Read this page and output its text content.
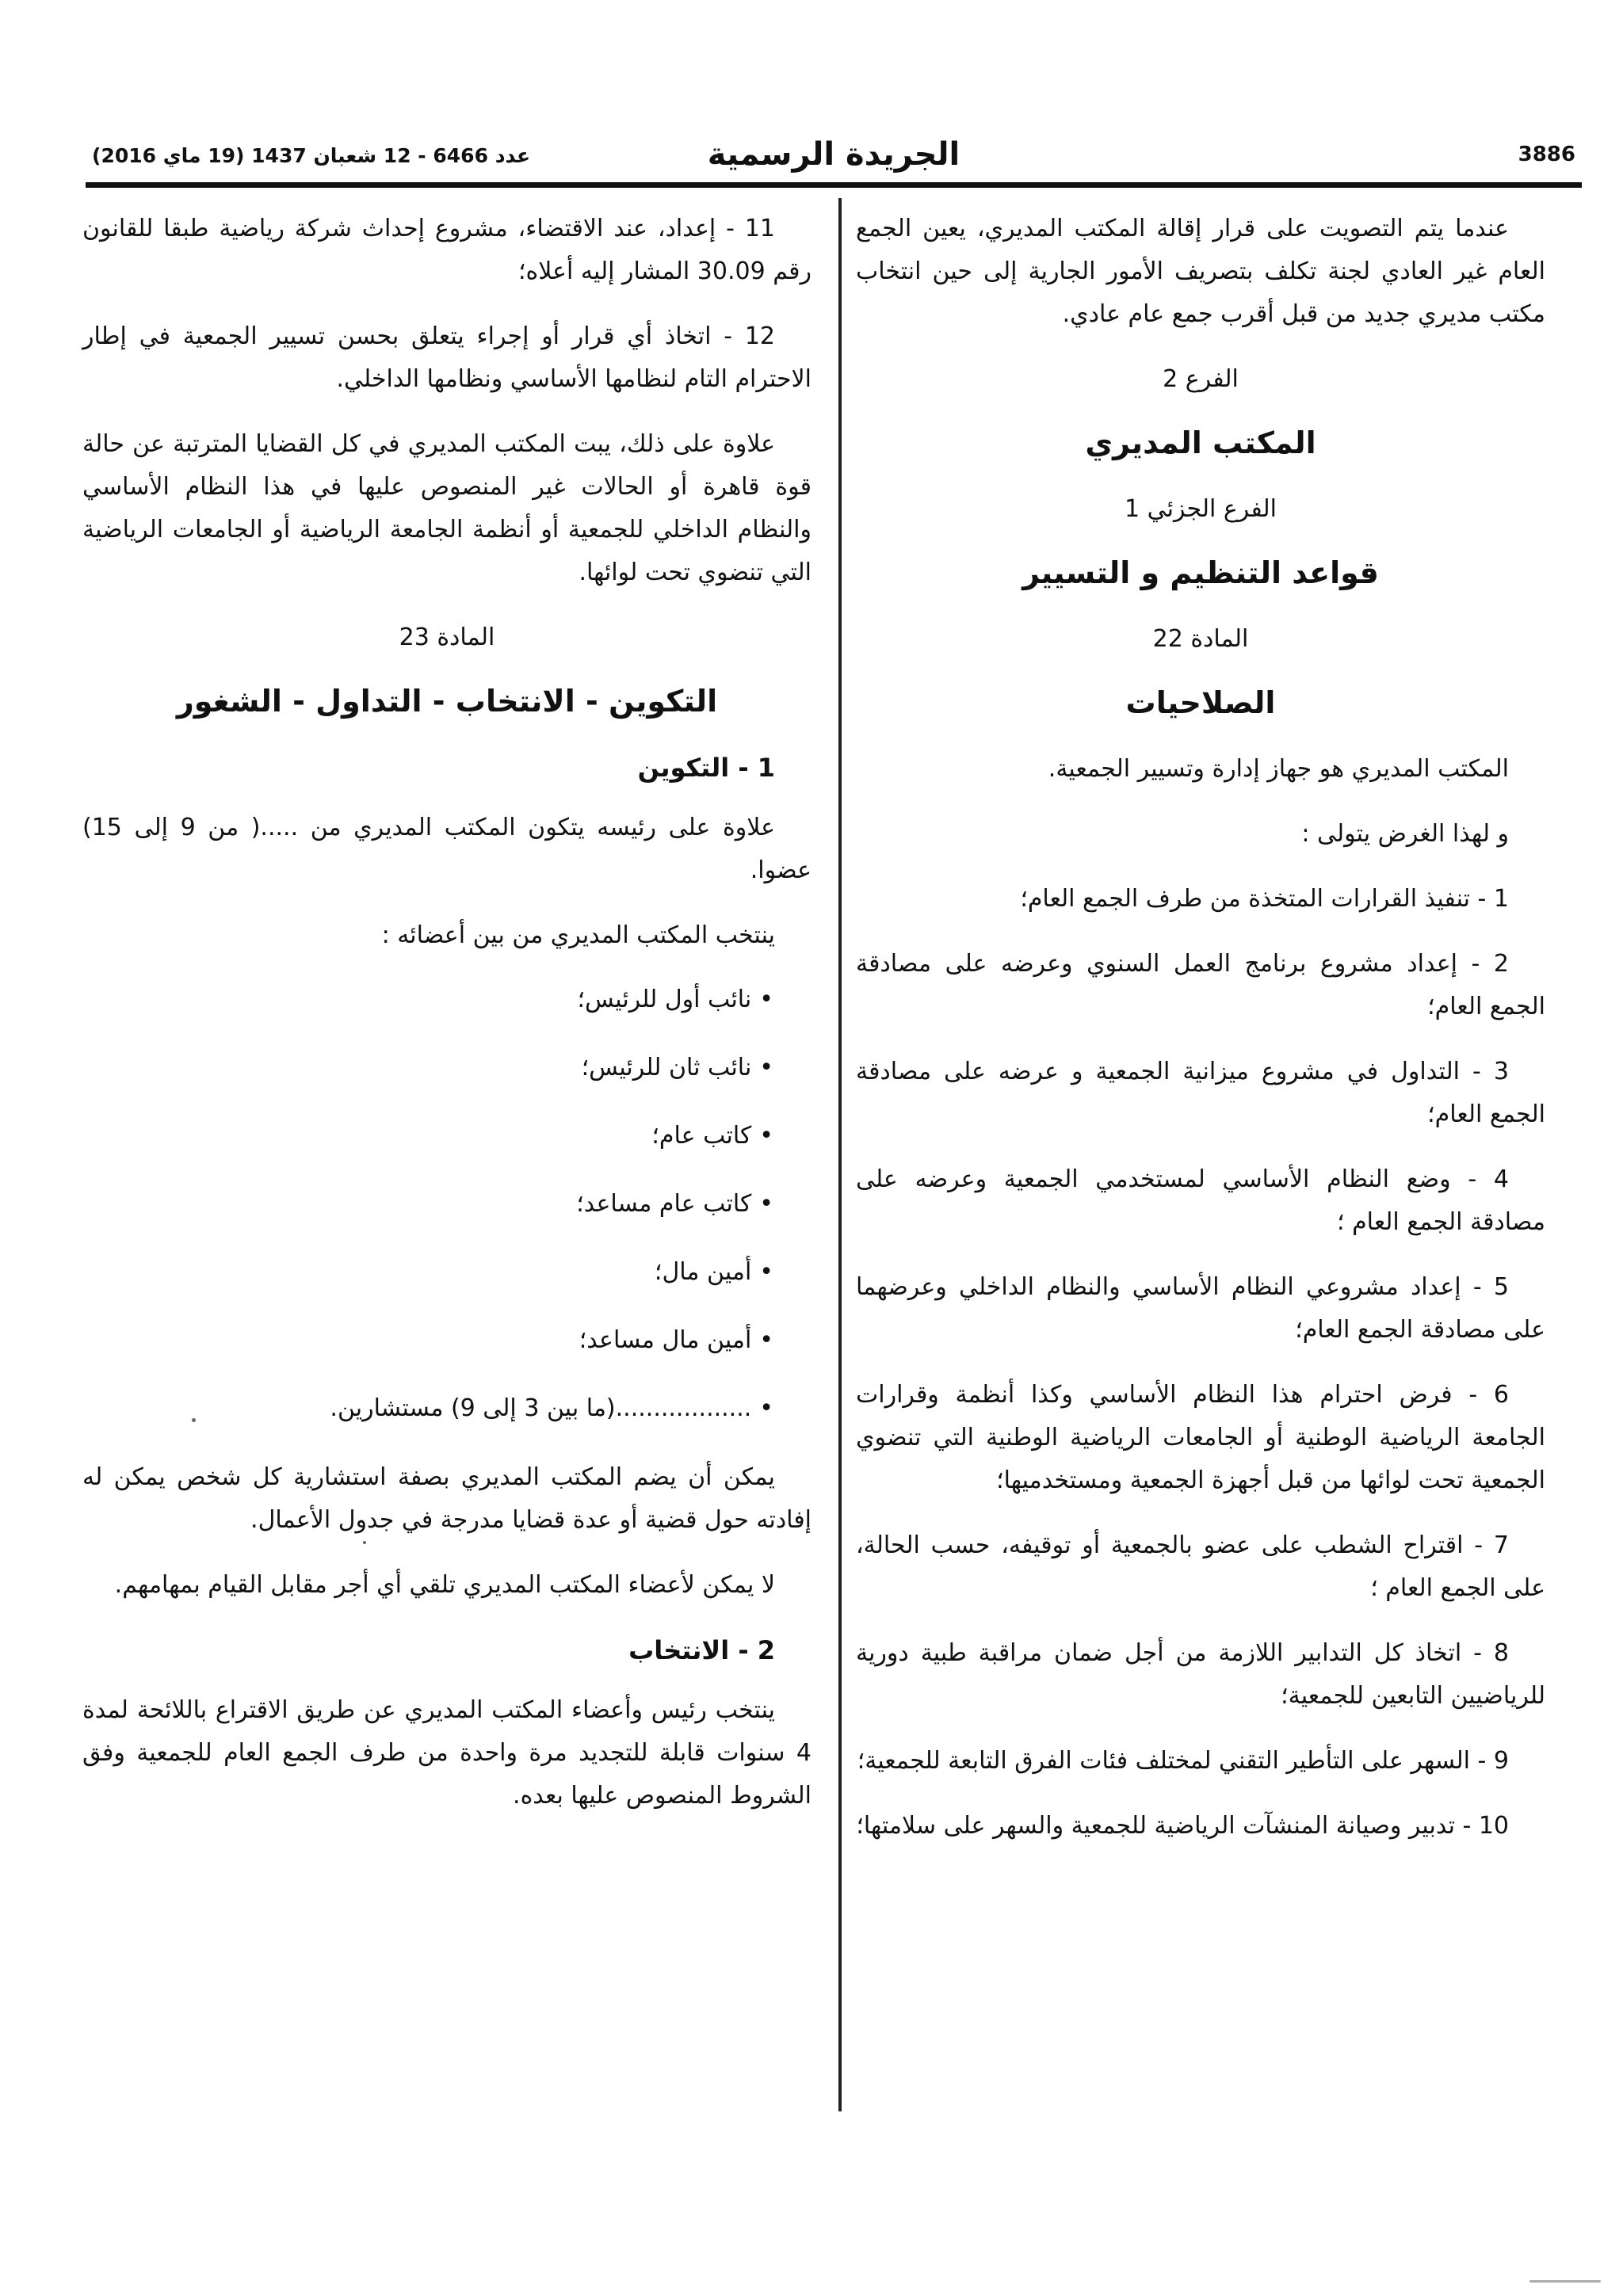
3886
الجريدة الرسمية
عدد 6466 - 12 شعبان 1437 (19 ماي 2016)

عندما يتم التصويت على قرار إقالة المكتب المديري، يعين الجمع العام غير العادي لجنة تكلف بتصريف الأمور الجارية إلى حين انتخاب مكتب مديري جديد من قبل أقرب جمع عام عادي.

الفرع 2

المكتب المديري

الفرع الجزئي 1

قواعد التنظيم و التسيير

المادة 22

الصلاحيات

المكتب المديري هو جهاز إدارة وتسيير الجمعية.

و لهذا الغرض يتولى :

1 - تنفيذ القرارات المتخذة من طرف الجمع العام؛

2 - إعداد مشروع برنامج العمل السنوي وعرضه على مصادقة الجمع العام؛

3 - التداول في مشروع ميزانية الجمعية و عرضه على مصادقة الجمع العام؛

4 - وضع النظام الأساسي لمستخدمي الجمعية وعرضه على مصادقة الجمع العام ؛

5 - إعداد مشروعي النظام الأساسي والنظام الداخلي وعرضهما على مصادقة الجمع العام؛

6 - فرض احترام هذا النظام الأساسي وكذا أنظمة وقرارات الجامعة الرياضية الوطنية أو الجامعات الرياضية الوطنية التي تنضوي الجمعية تحت لوائها من قبل أجهزة الجمعية ومستخدميها؛

7 - اقتراح الشطب على عضو بالجمعية أو توقيفه، حسب الحالة، على الجمع العام ؛

8 - اتخاذ كل التدابير اللازمة من أجل ضمان مراقبة طبية دورية للرياضيين التابعين للجمعية؛

9 - السهر على التأطير التقني لمختلف فئات الفرق التابعة للجمعية؛

10 - تدبير وصيانة المنشآت الرياضية للجمعية والسهر على سلامتها؛

11 - إعداد، عند الاقتضاء، مشروع إحداث شركة رياضية طبقا للقانون رقم 30.09 المشار إليه أعلاه؛

12 - اتخاذ أي قرار أو إجراء يتعلق بحسن تسيير الجمعية في إطار الاحترام التام لنظامها الأساسي ونظامها الداخلي.

علاوة على ذلك، يبت المكتب المديري في كل القضايا المترتبة عن حالة قوة قاهرة أو الحالات غير المنصوص عليها في هذا النظام الأساسي والنظام الداخلي للجمعية أو أنظمة الجامعة الرياضية أو الجامعات الرياضية التي تنضوي تحت لوائها.

المادة 23

التكوين - الانتخاب - التداول - الشغور

1 - التكوين

علاوة على رئيسه يتكون المكتب المديري من .....( من 9 إلى 15) عضوا.

ينتخب المكتب المديري من بين أعضائه :

• نائب أول للرئيس؛
• نائب ثان للرئيس؛
• كاتب عام؛
• كاتب عام مساعد؛
• أمين مال؛
• أمين مال مساعد؛
• ..................(ما بين 3 إلى 9) مستشارين.

يمكن أن يضم المكتب المديري بصفة استشارية كل شخص يمكن له إفادته حول قضية أو عدة قضايا مدرجة في جدول الأعمال.

لا يمكن لأعضاء المكتب المديري تلقي أي أجر مقابل القيام بمهامهم.

2 - الانتخاب

ينتخب رئيس وأعضاء المكتب المديري عن طريق الاقتراع باللائحة لمدة 4 سنوات قابلة للتجديد مرة واحدة من طرف الجمع العام للجمعية وفق الشروط المنصوص عليها بعده.
